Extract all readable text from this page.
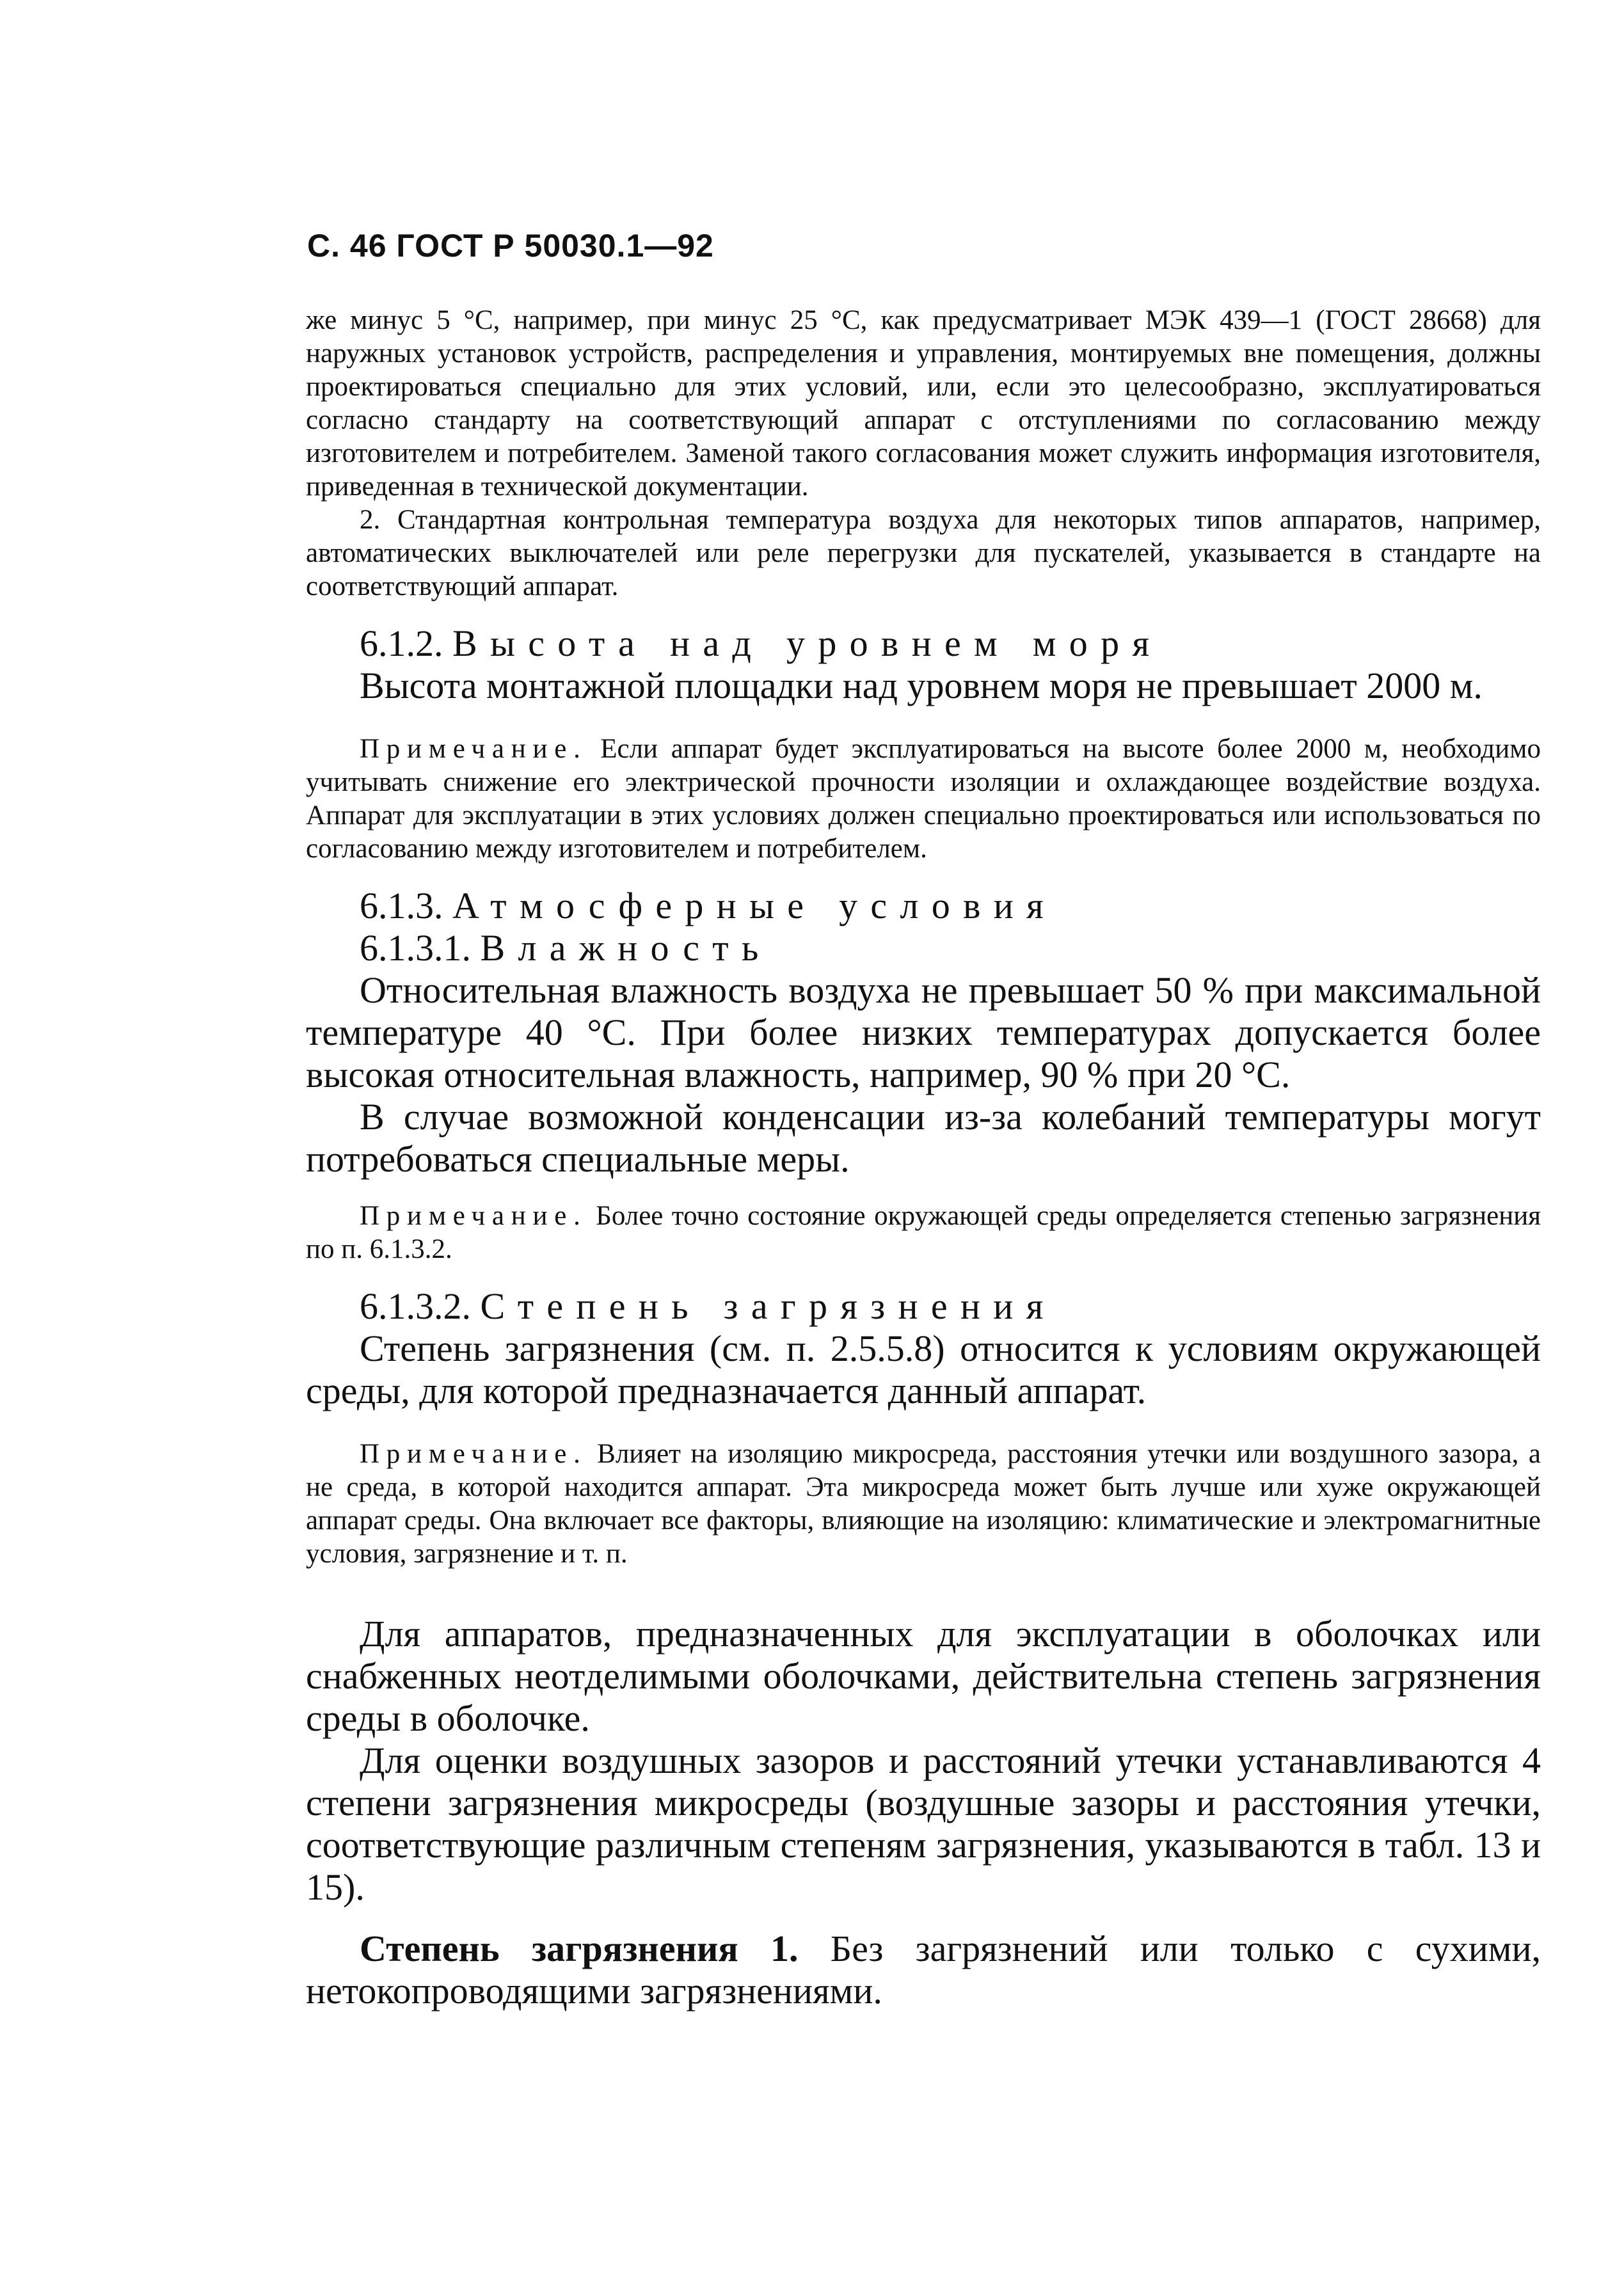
С. 46 ГОСТ Р 50030.1—92

же минус 5 °С, например, при минус 25 °С, как предусматривает МЭК 439—1 (ГОСТ 28668) для наружных установок устройств, распределения и управления, монтируемых вне помещения, должны проектироваться специально для этих условий, или, если это целесообразно, эксплуатироваться согласно стандарту на соответствующий аппарат с отступлениями по согласованию между изготовителем и потребителем. Заменой такого согласования может служить информация изготовителя, приведенная в технической документации.

2. Стандартная контрольная температура воздуха для некоторых типов аппаратов, например, автоматических выключателей или реле перегрузки для пускателей, указывается в стандарте на соответствующий аппарат.

6.1.2. Высота над уровнем моря

Высота монтажной площадки над уровнем моря не превышает 2000 м.

Примечание. Если аппарат будет эксплуатироваться на высоте более 2000 м, необходимо учитывать снижение его электрической прочности изоляции и охлаждающее воздействие воздуха. Аппарат для эксплуатации в этих условиях должен специально проектироваться или использоваться по согласованию между изготовителем и потребителем.

6.1.3. Атмосферные условия

6.1.3.1. Влажность

Относительная влажность воздуха не превышает 50 % при максимальной температуре 40 °С. При более низких температурах допускается более высокая относительная влажность, например, 90 % при 20 °С.

В случае возможной конденсации из-за колебаний температуры могут потребоваться специальные меры.

Примечание. Более точно состояние окружающей среды определяется степенью загрязнения по п. 6.1.3.2.

6.1.3.2. Степень загрязнения

Степень загрязнения (см. п. 2.5.5.8) относится к условиям окружающей среды, для которой предназначается данный аппарат.

Примечание. Влияет на изоляцию микросреда, расстояния утечки или воздушного зазора, а не среда, в которой находится аппарат. Эта микросреда может быть лучше или хуже окружающей аппарат среды. Она включает все факторы, влияющие на изоляцию: климатические и электромагнитные условия, загрязнение и т. п.

Для аппаратов, предназначенных для эксплуатации в оболочках или снабженных неотделимыми оболочками, действительна степень загрязнения среды в оболочке.

Для оценки воздушных зазоров и расстояний утечки устанавливаются 4 степени загрязнения микросреды (воздушные зазоры и расстояния утечки, соответствующие различным степеням загрязнения, указываются в табл. 13 и 15).

Степень загрязнения 1. Без загрязнений или только с сухими, нетокопроводящими загрязнениями.
